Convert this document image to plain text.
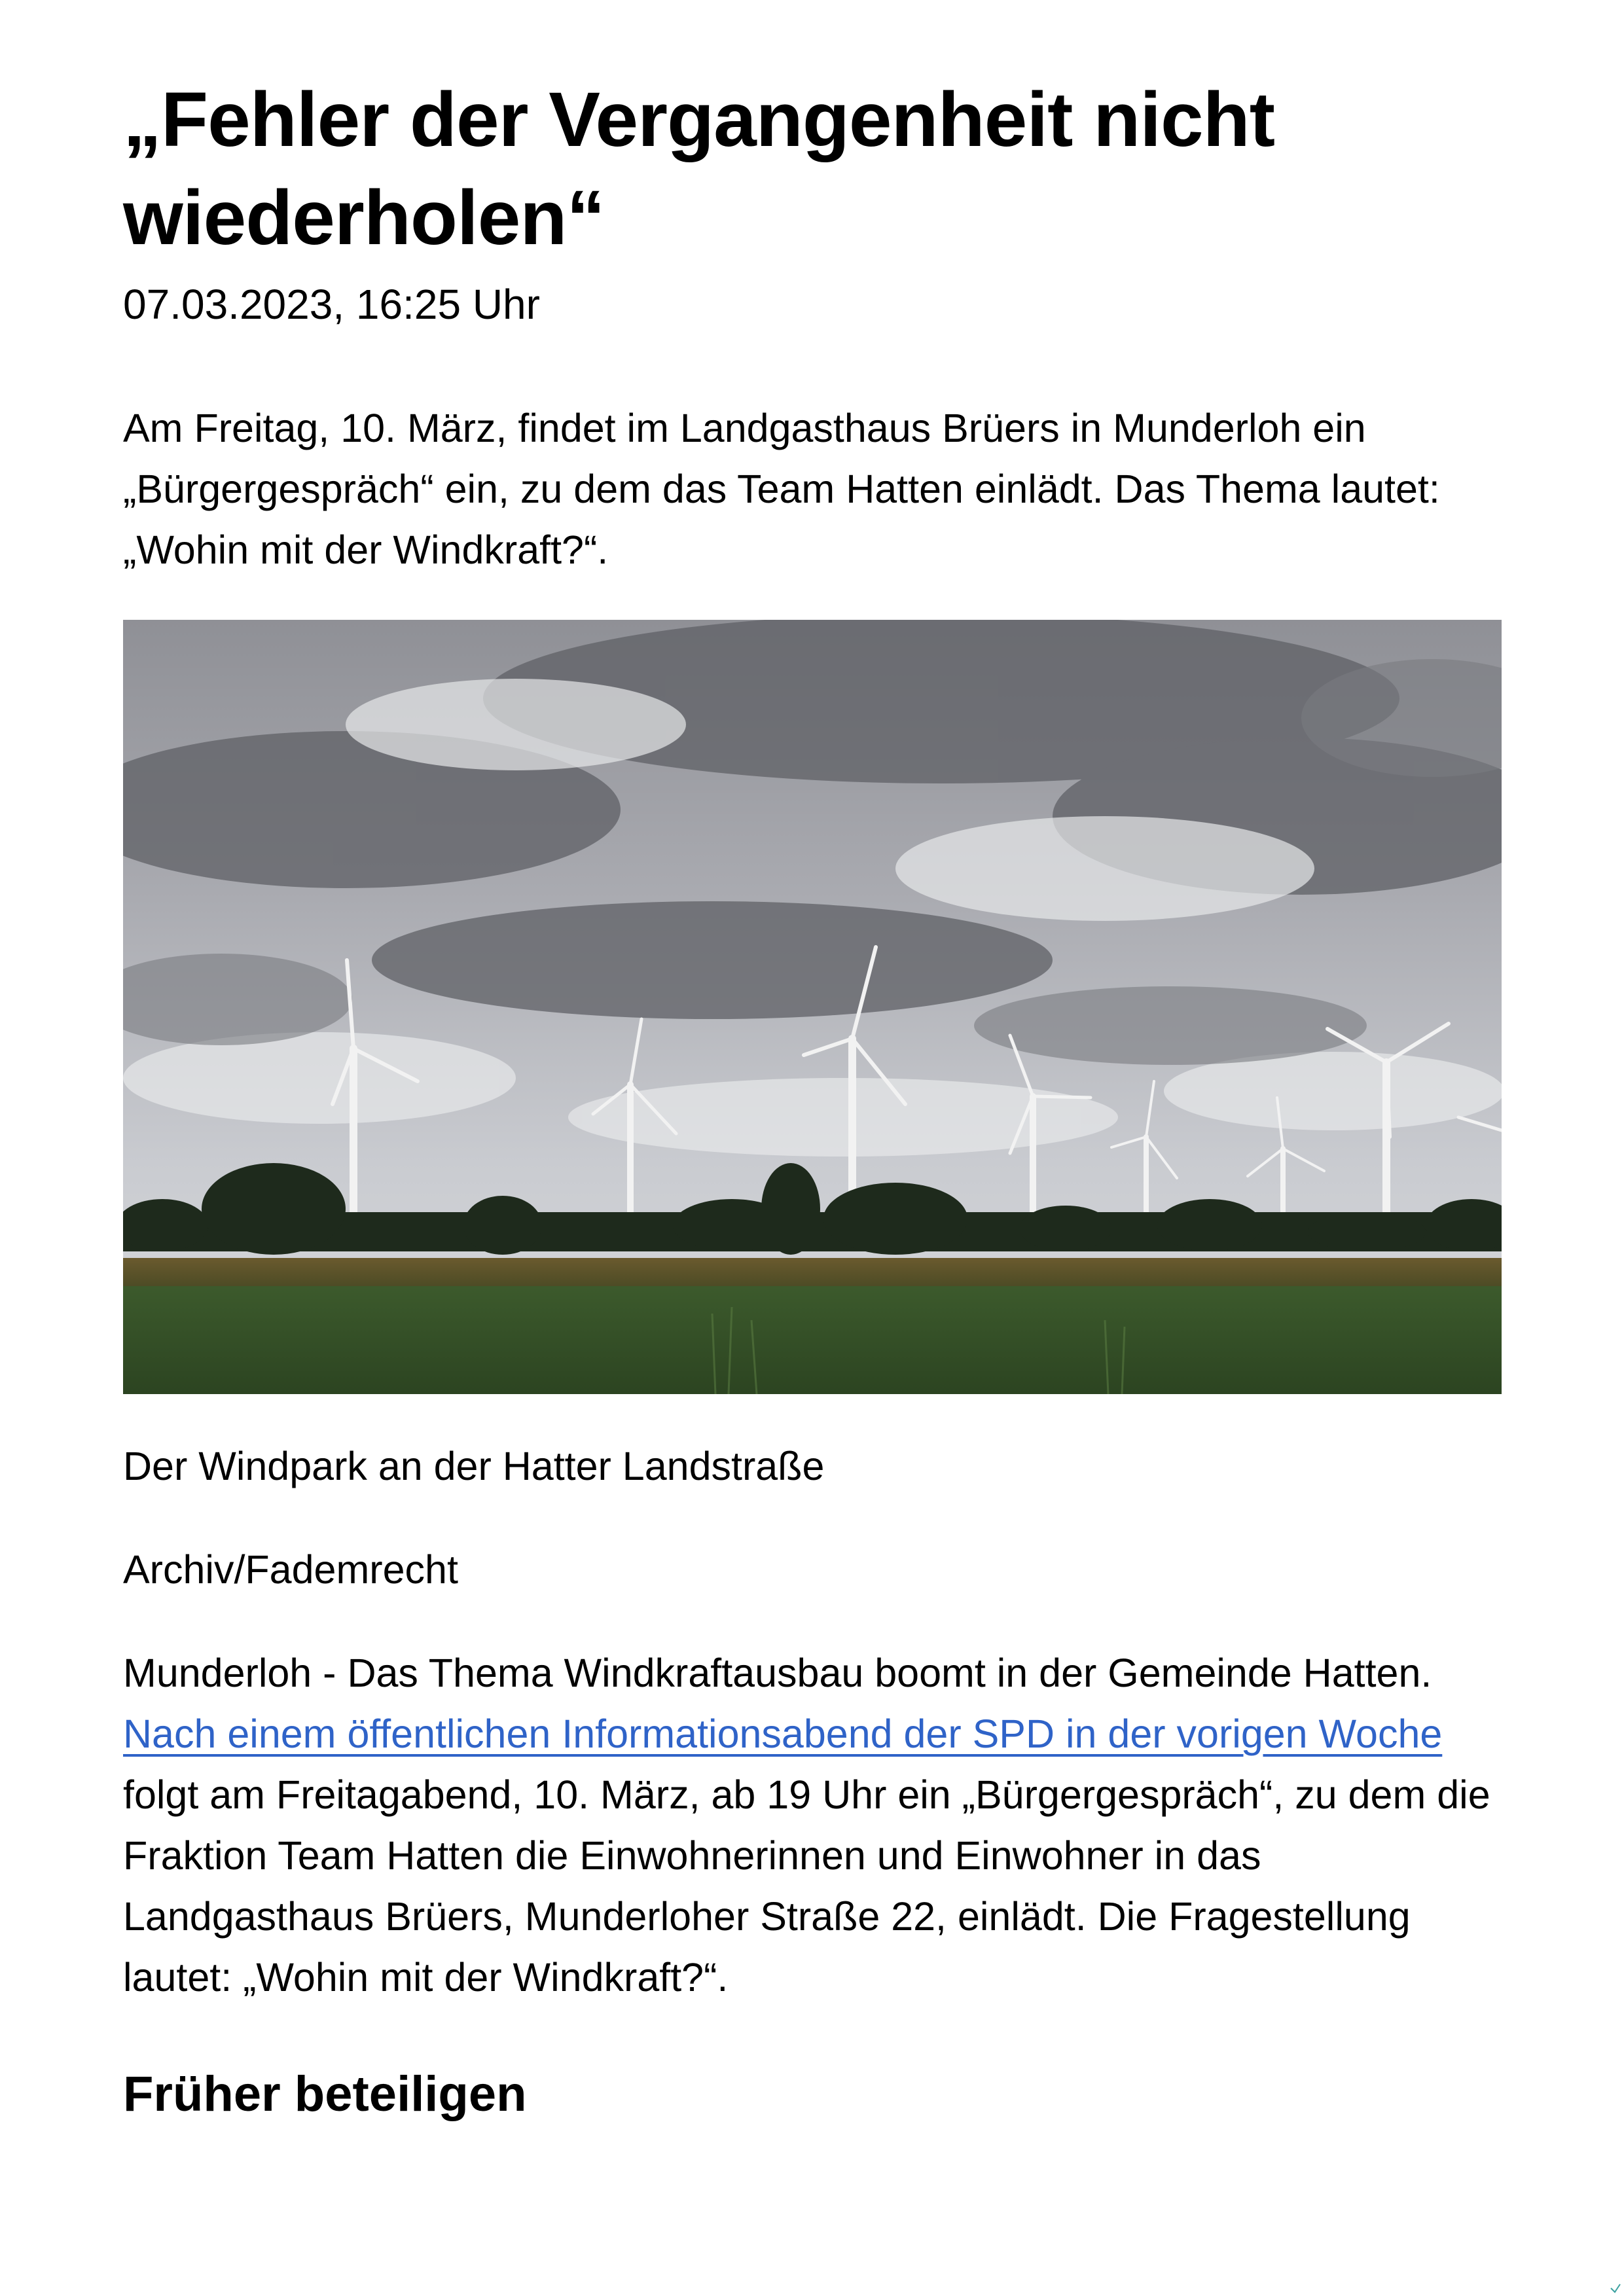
„Fehler der Vergangenheit nicht wiederholen“
07.03.2023, 16:25 Uhr

Am Freitag, 10. März, findet im Landgasthaus Brüers in Munderloh ein „Bürgergespräch“ ein, zu dem das Team Hatten einlädt. Das Thema lautet: „Wohin mit der Windkraft?“.

Der Windpark an der Hatter Landstraße
Archiv/Fademrecht

Munderloh - Das Thema Windkraftausbau boomt in der Gemeinde Hatten. Nach einem öffentlichen Informationsabend der SPD in der vorigen Woche folgt am Freitagabend, 10. März, ab 19 Uhr ein „Bürgergespräch“, zu dem die Fraktion Team Hatten die Einwohnerinnen und Einwohner in das Landgasthaus Brüers, Munderloher Straße 22, einlädt. Die Fragestellung lautet: „Wohin mit der Windkraft?“.

Früher beteiligen
